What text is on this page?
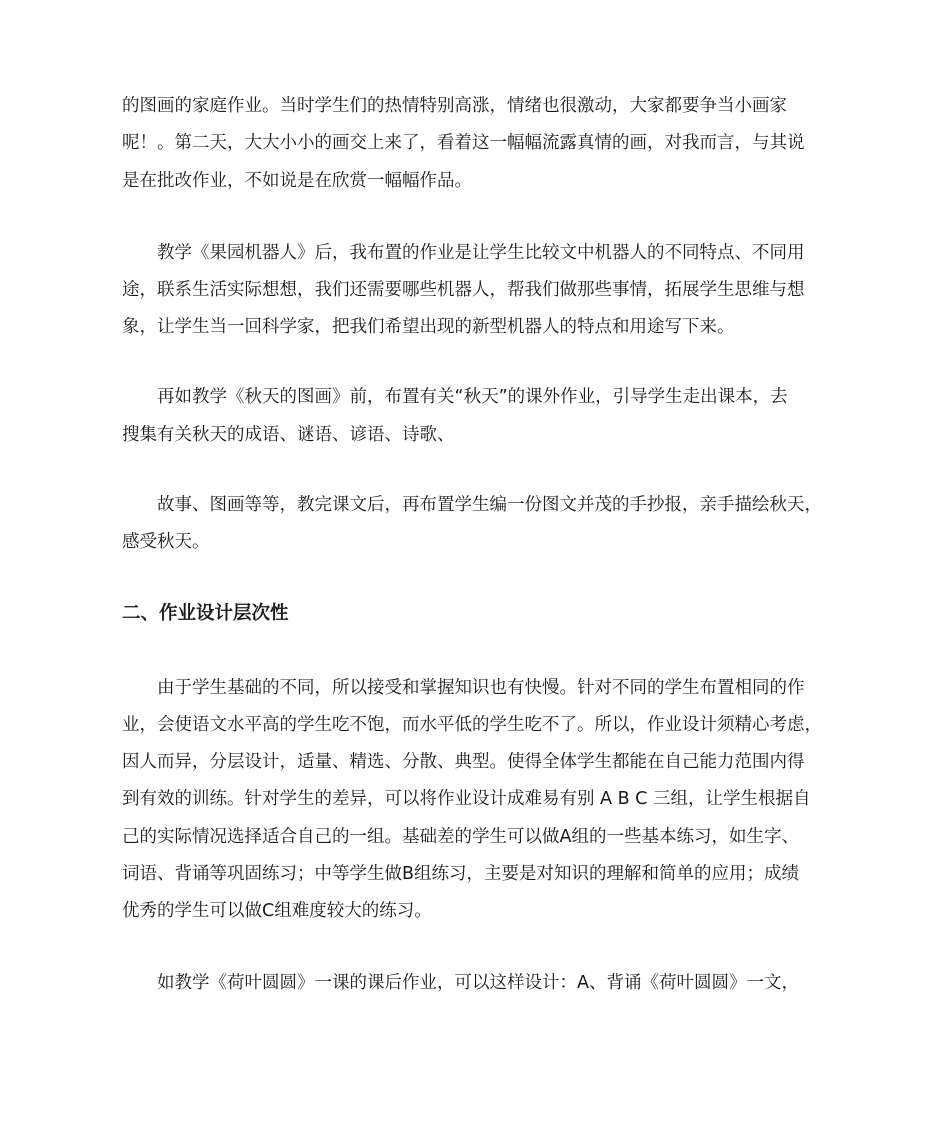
的图画的家庭作业。当时学生们的热情特别高涨，情绪也很激动，大家都要争当小画家
呢！。第二天，大大小小的画交上来了，看着这一幅幅流露真情的画，对我而言，与其说
是在批改作业，不如说是在欣赏一幅幅作品。
　　教学《果园机器人》后，我布置的作业是让学生比较文中机器人的不同特点、不同用
途，联系生活实际想想，我们还需要哪些机器人，帮我们做那些事情，拓展学生思维与想
象，让学生当一回科学家，把我们希望出现的新型机器人的特点和用途写下来。
　　再如教学《秋天的图画》前，布置有关“秋天”的课外作业，引导学生走出课本，去
搜集有关秋天的成语、谜语、谚语、诗歌、
　　故事、图画等等，教完课文后，再布置学生编一份图文并茂的手抄报，亲手描绘秋天，
感受秋天。
二、作业设计层次性
　　由于学生基础的不同，所以接受和掌握知识也有快慢。针对不同的学生布置相同的作
业，会使语文水平高的学生吃不饱，而水平低的学生吃不了。所以，作业设计须精心考虑，
因人而异，分层设计，适量、精选、分散、典型。使得全体学生都能在自己能力范围内得
到有效的训练。针对学生的差异，可以将作业设计成难易有别 A B C 三组，让学生根据自
己的实际情况选择适合自己的一组。基础差的学生可以做A组的一些基本练习，如生字、
词语、背诵等巩固练习；中等学生做B组练习，主要是对知识的理解和简单的应用；成绩
优秀的学生可以做C组难度较大的练习。
　　如教学《荷叶圆圆》一课的课后作业，可以这样设计：A、背诵《荷叶圆圆》一文，
